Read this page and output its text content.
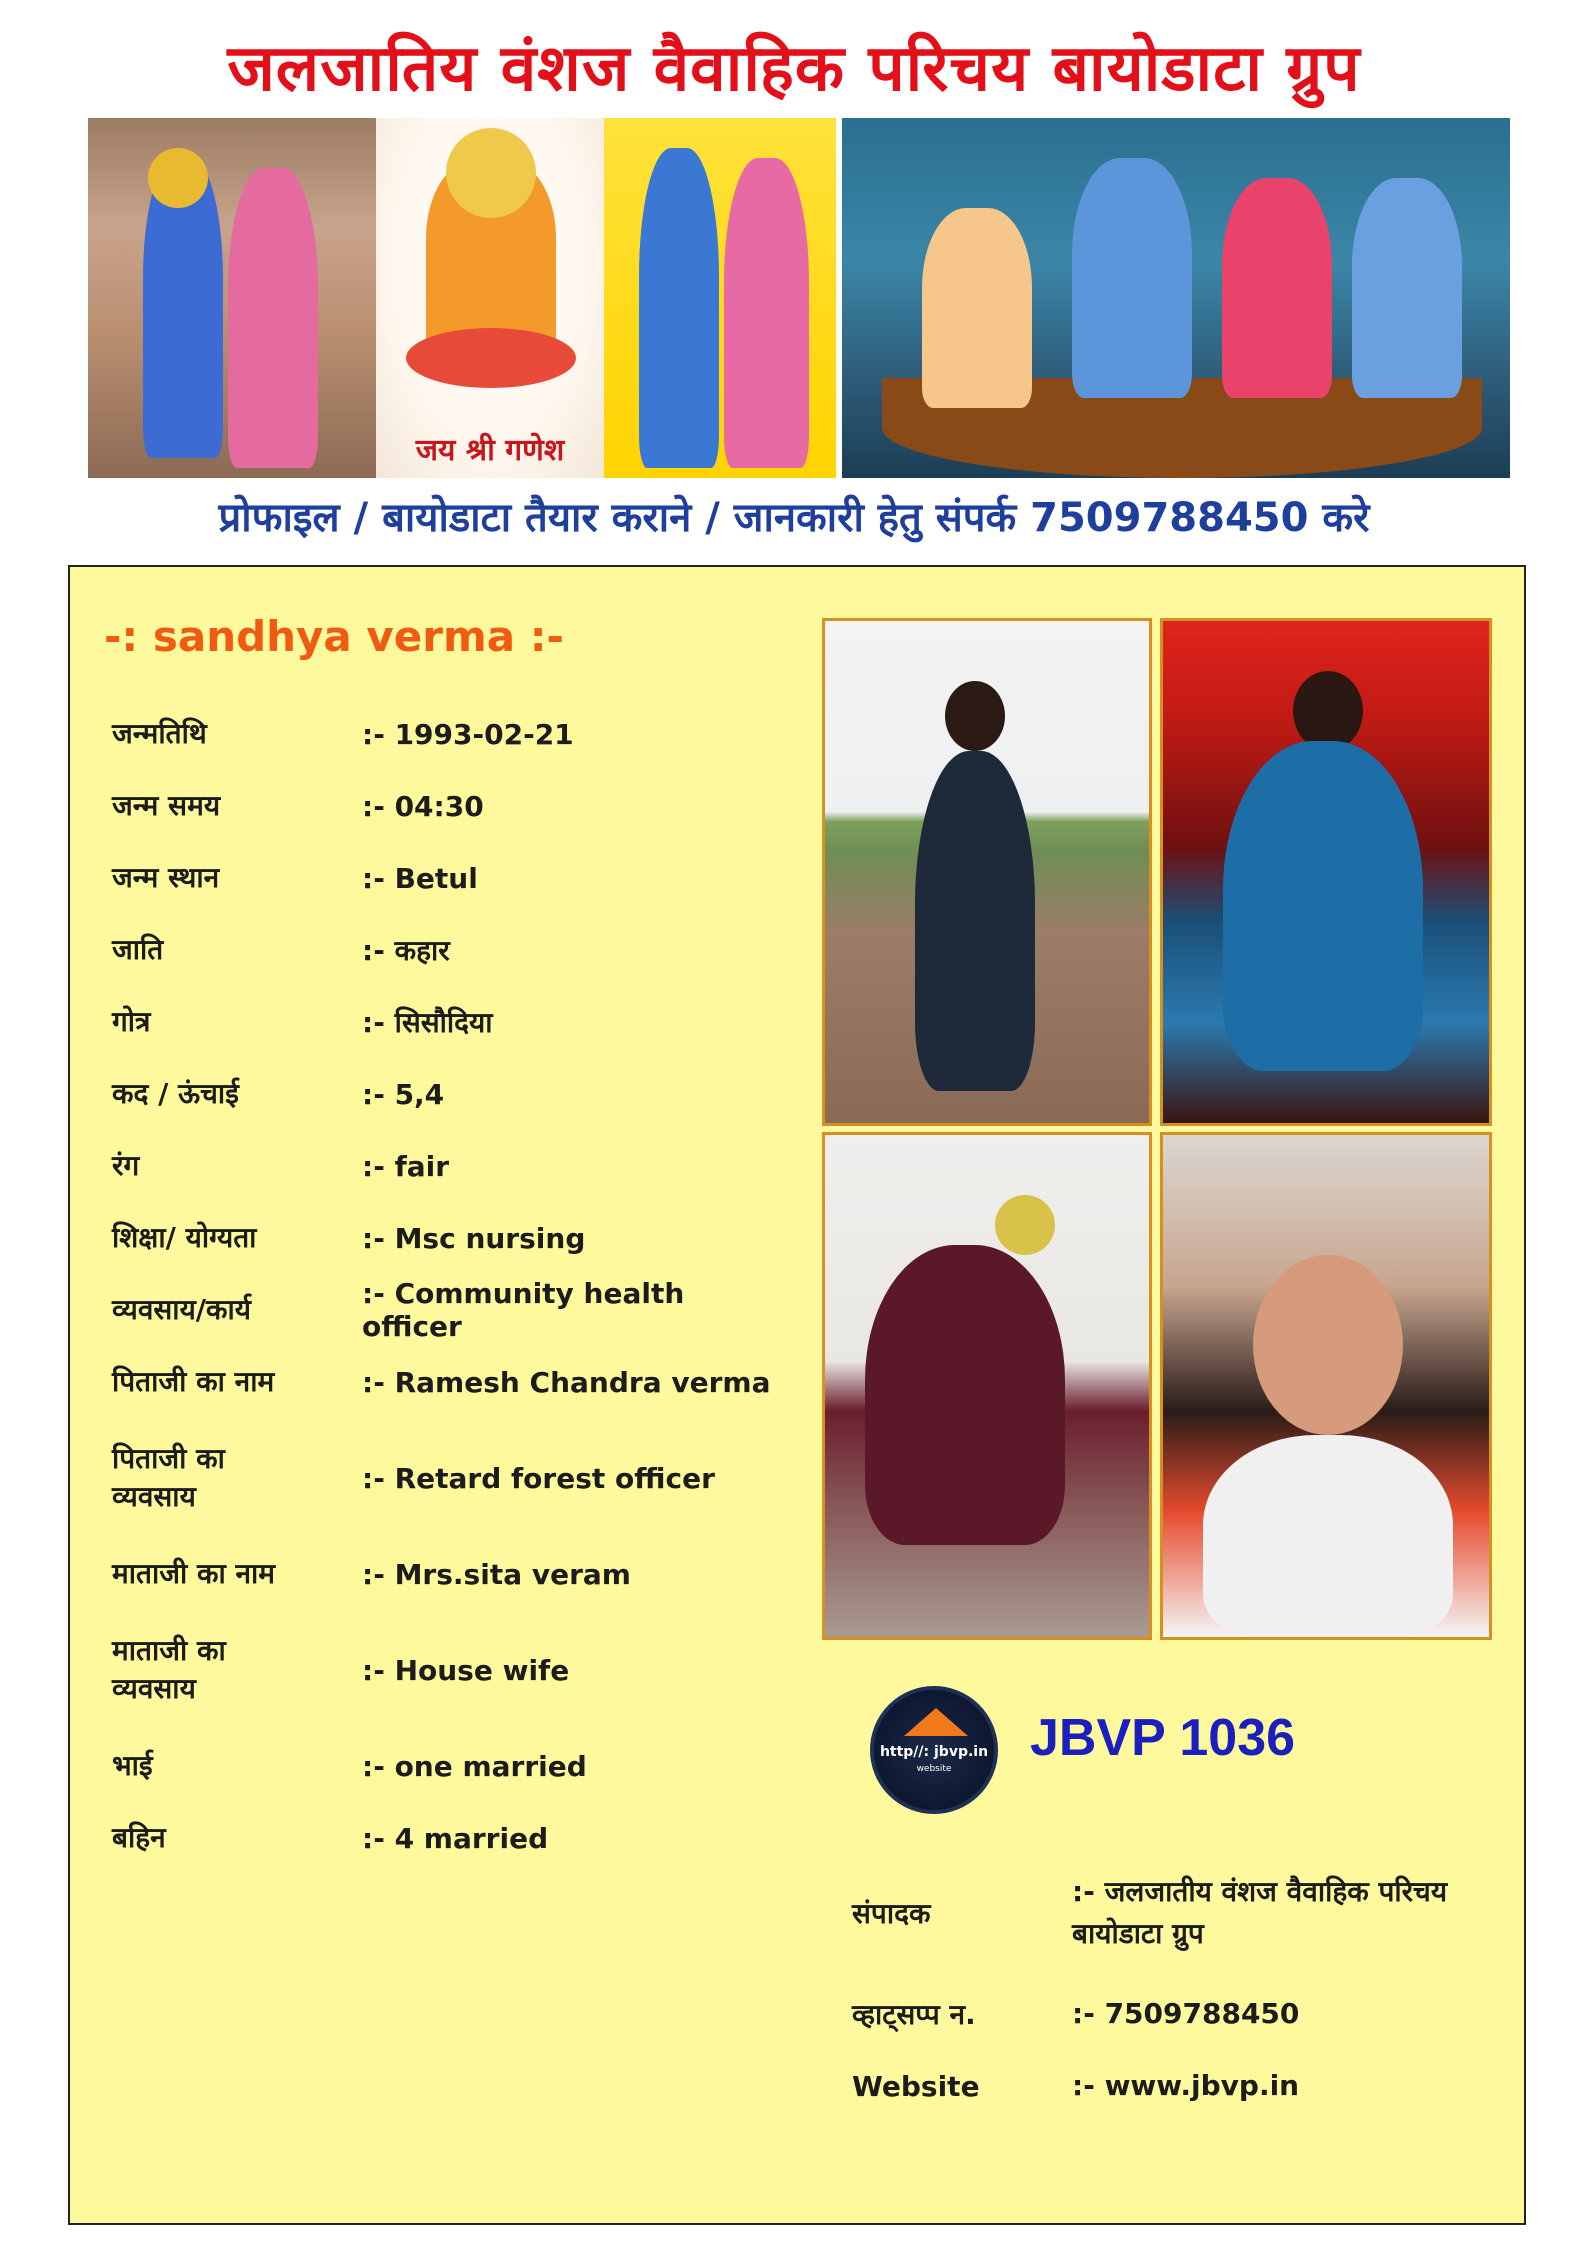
जलजातिय वंशज वैवाहिक परिचय बायोडाटा ग्रुप
जय श्री गणेश
प्रोफाइल / बायोडाटा तैयार कराने / जानकारी हेतु संपर्क 7509788450 करे
-: sandhya verma :-
जन्मतिथि	:- 1993-02-21
जन्म समय	:- 04:30
जन्म स्थान	:- Betul
जाति	:- कहार
गोत्र	:- सिसौदिया
कद / ऊंचाई	:- 5,4
रंग	:- fair
शिक्षा/ योग्यता	:- Msc nursing
व्यवसाय/कार्य	:- Community health officer
पिताजी का नाम	:- Ramesh Chandra verma
पिताजी का व्यवसाय
:- Retard forest officer
माताजी का नाम	:- Mrs.sita veram
माताजी का व्यवसाय
:- House wife
भाई	:- one married
बहिन	:- 4 married
http//: jbvp.in
website
JBVP 1036
संपादक
:- जलजातीय वंशज वैवाहिक परिचय बायोडाटा ग्रुप
व्हाट्सप्प न.	:- 7509788450
Website	:- www.jbvp.in
